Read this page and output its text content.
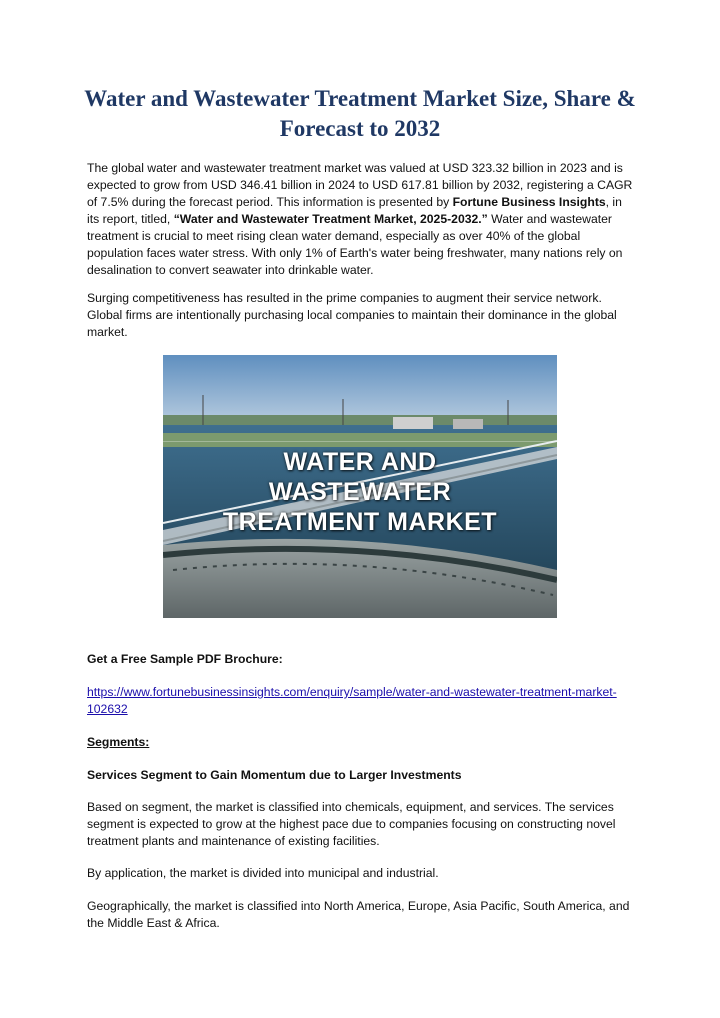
Water and Wastewater Treatment Market Size, Share & Forecast to 2032

The global water and wastewater treatment market was valued at USD 323.32 billion in 2023 and is expected to grow from USD 346.41 billion in 2024 to USD 617.81 billion by 2032, registering a CAGR of 7.5% during the forecast period. This information is presented by Fortune Business Insights, in its report, titled, “Water and Wastewater Treatment Market, 2025-2032.” Water and wastewater treatment is crucial to meet rising clean water demand, especially as over 40% of the global population faces water stress. With only 1% of Earth's water being freshwater, many nations rely on desalination to convert seawater into drinkable water.

Surging competitiveness has resulted in the prime companies to augment their service network. Global firms are intentionally purchasing local companies to maintain their dominance in the global market.

WATER AND
WASTEWATER
TREATMENT MARKET

Get a Free Sample PDF Brochure:

https://www.fortunebusinessinsights.com/enquiry/sample/water-and-wastewater-treatment-market-102632

Segments:

Services Segment to Gain Momentum due to Larger Investments

Based on segment, the market is classified into chemicals, equipment, and services. The services segment is expected to grow at the highest pace due to companies focusing on constructing novel treatment plants and maintenance of existing facilities.

By application, the market is divided into municipal and industrial.

Geographically, the market is classified into North America, Europe, Asia Pacific, South America, and the Middle East & Africa.
